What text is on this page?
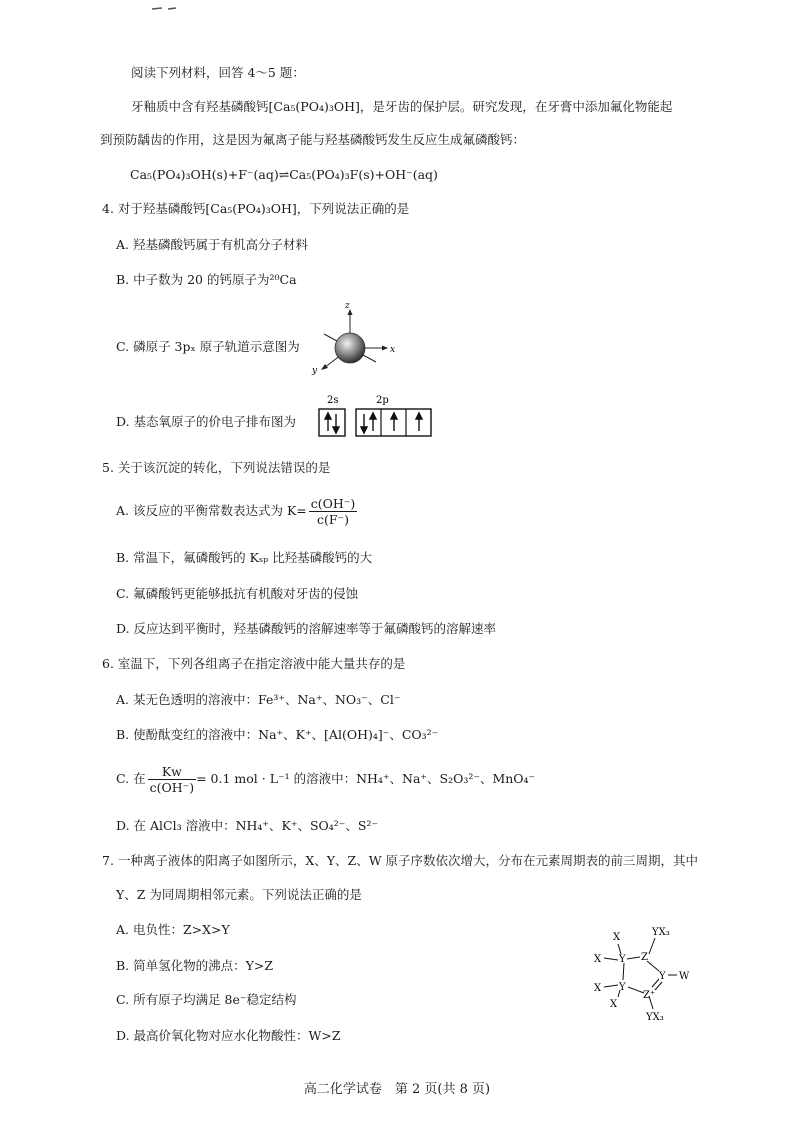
阅读下列材料，回答 4～5 题：
牙釉质中含有羟基磷酸钙[Ca₅(PO₄)₃OH]，是牙齿的保护层。研究发现，在牙膏中添加氟化物能起
到预防龋齿的作用，这是因为氟离子能与羟基磷酸钙发生反应生成氟磷酸钙：
Ca₅(PO₄)₃OH(s)+F⁻(aq)⇌Ca₅(PO₄)₃F(s)+OH⁻(aq)
4. 对于羟基磷酸钙[Ca₅(PO₄)₃OH]，下列说法正确的是
A. 羟基磷酸钙属于有机高分子材料
B. 中子数为 20 的钙原子为²⁰Ca
C. 磷原子 3pₓ 原子轨道示意图为
z
x
y
D. 基态氧原子的价电子排布图为
2s	2p
5. 关于该沉淀的转化，下列说法错误的是
A. 该反应的平衡常数表达式为 $K= \frac{c(OH^-)}{c(F^-)}$
B. 常温下，氟磷酸钙的 Kₛₚ 比羟基磷酸钙的大
C. 氟磷酸钙更能够抵抗有机酸对牙齿的侵蚀
D. 反应达到平衡时，羟基磷酸钙的溶解速率等于氟磷酸钙的溶解速率
6. 室温下，下列各组离子在指定溶液中能大量共存的是
A. 某无色透明的溶液中：Fe³⁺、Na⁺、NO₃⁻、Cl⁻
B. 使酚酞变红的溶液中：Na⁺、K⁺、[Al(OH)₄]⁻、CO₃²⁻
C. 在 $\frac{Kw}{c(OH^-)} = 0.1$ mol · L⁻¹ 的溶液中：NH₄⁺、Na⁺、S₂O₃²⁻、MnO₄⁻
D. 在 AlCl₃ 溶液中：NH₄⁺、K⁺、SO₄²⁻、S²⁻
7. 一种离子液体的阳离子如图所示，X、Y、Z、W 原子序数依次增大，分布在元素周期表的前三周期，其中
Y、Z 为同周期相邻元素。下列说法正确的是
A. 电负性：Z>X>Y
B. 简单氢化物的沸点：Y>Z
C. 所有原子均满足 8e⁻稳定结构
D. 最高价氧化物对应水化物酸性：W>Z
X
X Y Z
YX₃
Y W
X Y
Z⁺
X
YX₃
高二化学试卷　第 2 页(共 8 页)
